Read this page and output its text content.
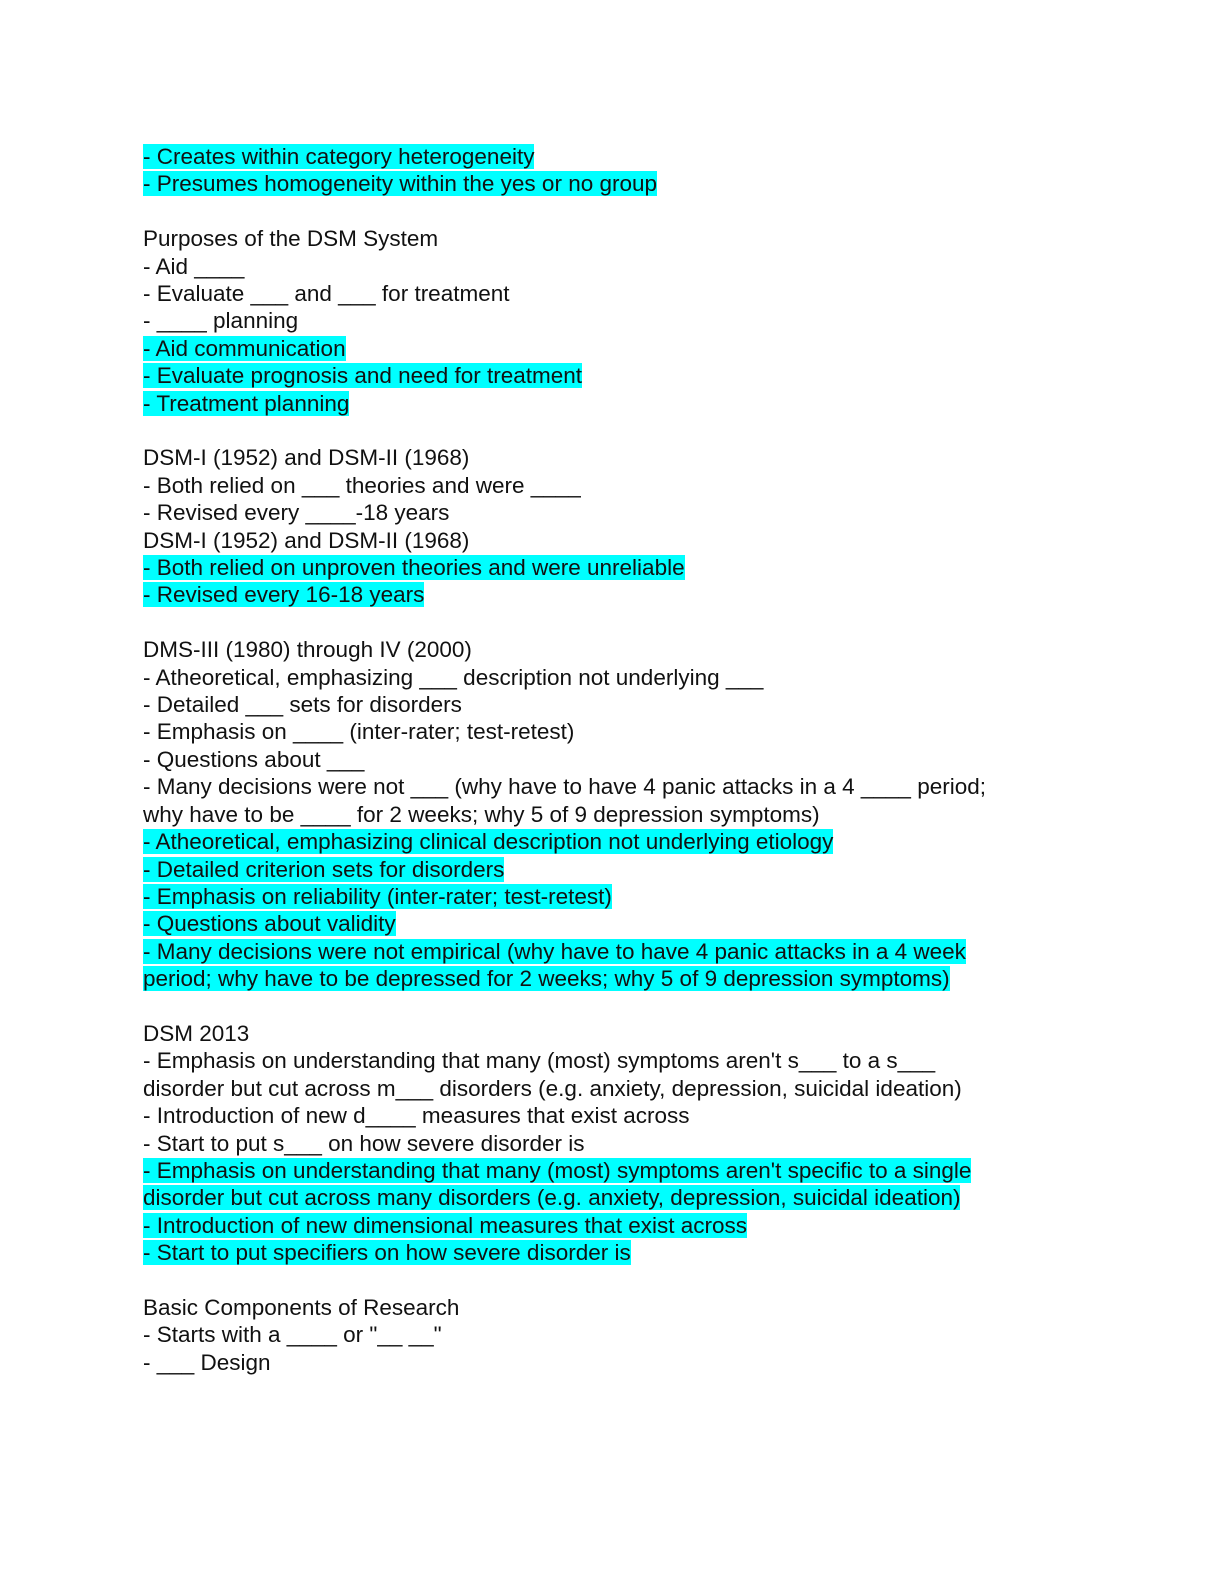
- Creates within category heterogeneity
- Presumes homogeneity within the yes or no group
Purposes of the DSM System
- Aid ____
- Evaluate ___ and ___ for treatment
- ____ planning
- Aid communication
- Evaluate prognosis and need for treatment
- Treatment planning
DSM-I (1952) and DSM-II (1968)
- Both relied on ___ theories and were ____
- Revised every ____-18 years
DSM-I (1952) and DSM-II (1968)
- Both relied on unproven theories and were unreliable
- Revised every 16-18 years
DMS-III (1980) through IV (2000)
- Atheoretical, emphasizing ___ description not underlying ___
- Detailed ___ sets for disorders
- Emphasis on ____ (inter-rater; test-retest)
- Questions about ___
- Many decisions were not ___ (why have to have 4 panic attacks in a 4 ____ period;
why have to be ____ for 2 weeks; why 5 of 9 depression symptoms)
- Atheoretical, emphasizing clinical description not underlying etiology
- Detailed criterion sets for disorders
- Emphasis on reliability (inter-rater; test-retest)
- Questions about validity
- Many decisions were not empirical (why have to have 4 panic attacks in a 4 week
period; why have to be depressed for 2 weeks; why 5 of 9 depression symptoms)
DSM 2013
- Emphasis on understanding that many (most) symptoms aren't s___ to a s___
disorder but cut across m___ disorders (e.g. anxiety, depression, suicidal ideation)
- Introduction of new d____ measures that exist across
- Start to put s___ on how severe disorder is
- Emphasis on understanding that many (most) symptoms aren't specific to a single
disorder but cut across many disorders (e.g. anxiety, depression, suicidal ideation)
- Introduction of new dimensional measures that exist across
- Start to put specifiers on how severe disorder is
Basic Components of Research
- Starts with a ____ or "__ __"
- ___ Design
